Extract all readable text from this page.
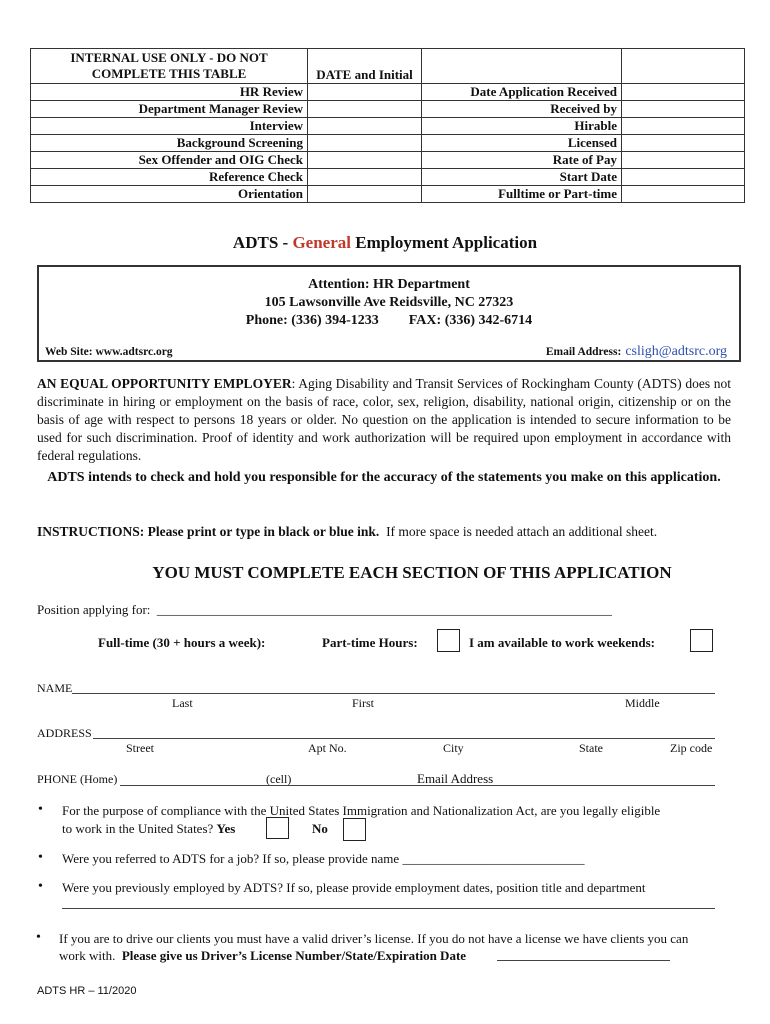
INTERNAL USE ONLY - DO NOT COMPLETE THIS TABLE	DATE and Initial		
HR Review		Date Application Received	
Department Manager Review		Received by	
Interview		Hirable	
Background Screening		Licensed	
Sex Offender and OIG Check		Rate of Pay	
Reference Check		Start Date	
Orientation		Fulltime or Part-time	
ADTS - General Employment Application
Attention: HR Department
105 Lawsonville Ave Reidsville, NC 27323
Phone: (336) 394-1233 FAX: (336) 342-6714
Web Site: www.adtsrc.org	Email Address: csligh@adtsrc.org
AN EQUAL OPPORTUNITY EMPLOYER: Aging Disability and Transit Services of Rockingham County (ADTS) does not discriminate in hiring or employment on the basis of race, color, sex, religion, disability, national origin, citizenship or on the basis of age with respect to persons 18 years or older. No question on the application is intended to secure information to be used for such discrimination. Proof of identity and work authorization will be required upon employment in accordance with federal regulations.
ADTS intends to check and hold you responsible for the accuracy of the statements you make on this application.
INSTRUCTIONS: Please print or type in black or blue ink. If more space is needed attach an additional sheet.
YOU MUST COMPLETE EACH SECTION OF THIS APPLICATION
Position applying for: ______________________________________________________________________
Full-time (30 + hours a week):	Part-time Hours:	I am available to work weekends:
NAME
Last	First	Middle
ADDRESS
Street	Apt No.	City	State	Zip code
PHONE (Home)	(cell)	Email Address
• For the purpose of compliance with the United States Immigration and Nationalization Act, are you legally eligible
to work in the United States? Yes	No
• Were you referred to ADTS for a job? If so, please provide name ____________________________
• Were you previously employed by ADTS? If so, please provide employment dates, position title and department
• If you are to drive our clients you must have a valid driver’s license. If you do not have a license we have clients you can
work with. Please give us Driver’s License Number/State/Expiration Date
ADTS HR – 11/2020
